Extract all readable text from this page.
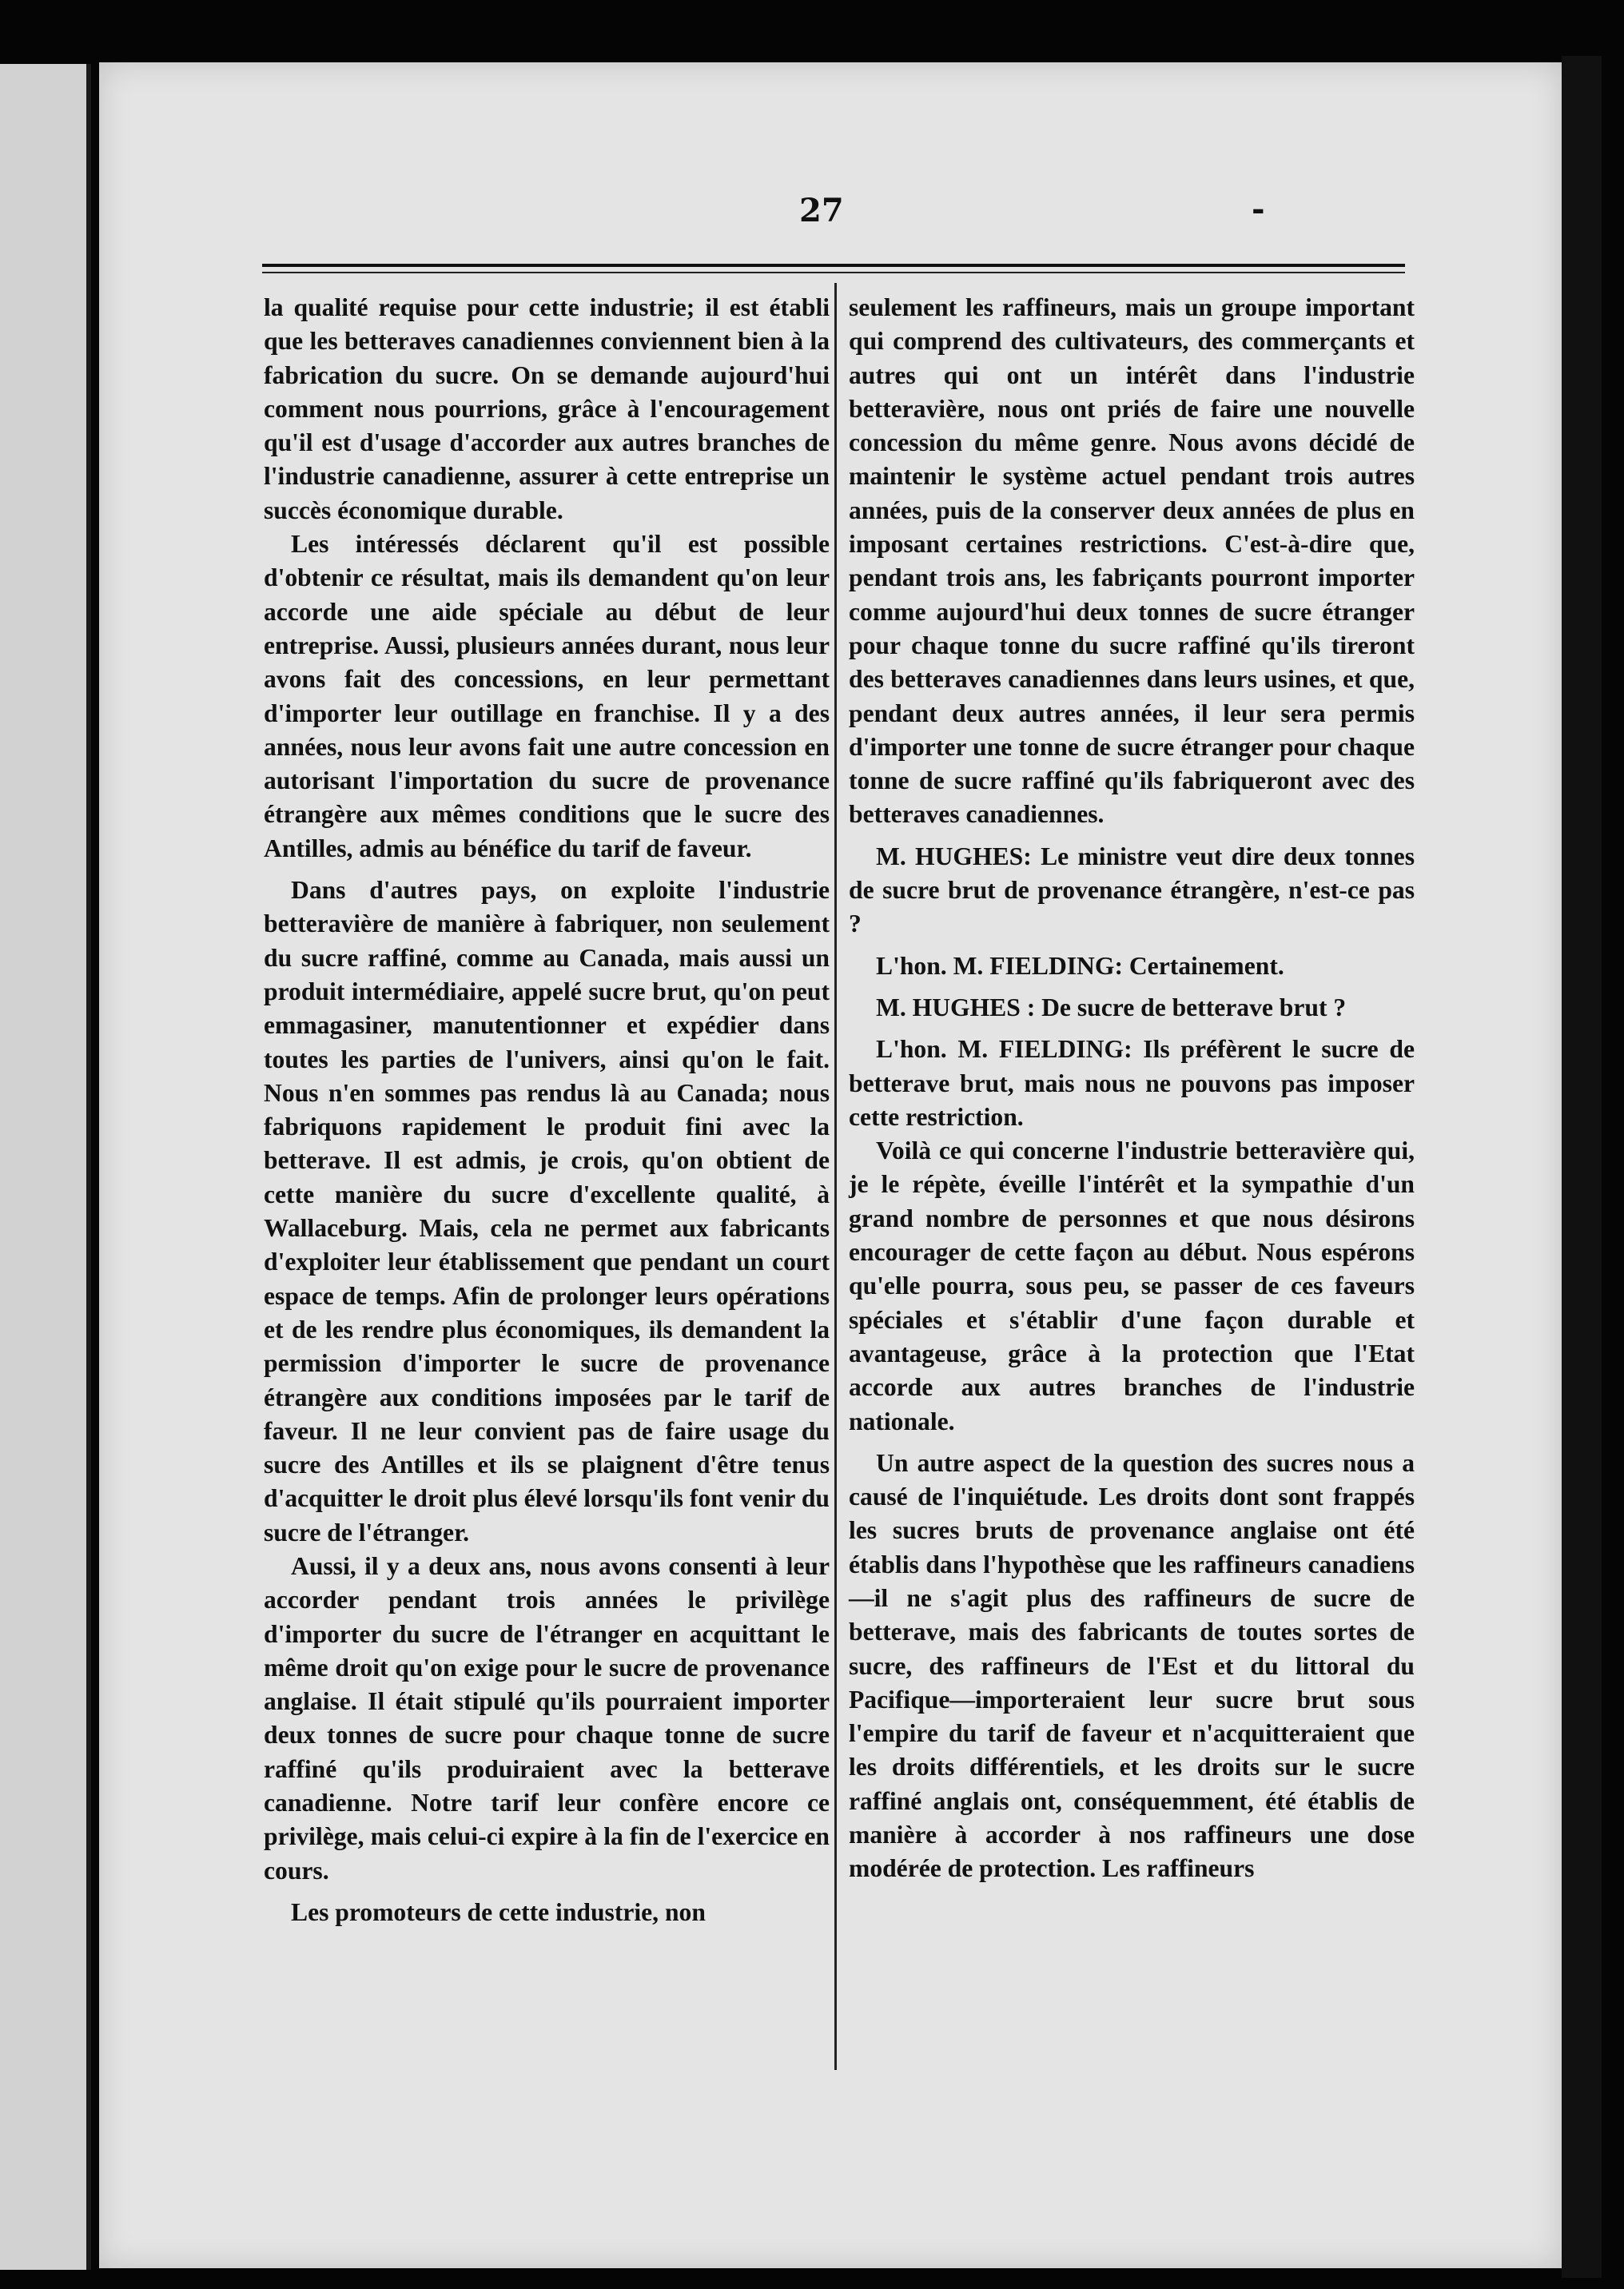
27	-

la qualité requise pour cette industrie; il est établi que les betteraves canadiennes conviennent bien à la fabrication du sucre. On se demande aujourd'hui comment nous pourrions, grâce à l'encouragement qu'il est d'usage d'accorder aux autres branches de l'industrie canadienne, assurer à cette entreprise un succès économique durable.

Les intéressés déclarent qu'il est possible d'obtenir ce résultat, mais ils demandent qu'on leur accorde une aide spéciale au début de leur entreprise. Aussi, plusieurs années durant, nous leur avons fait des concessions, en leur permettant d'importer leur outillage en franchise. Il y a des années, nous leur avons fait une autre concession en autorisant l'importation du sucre de provenance étrangère aux mêmes conditions que le sucre des Antilles, admis au bénéfice du tarif de faveur.

Dans d'autres pays, on exploite l'industrie betteravière de manière à fabriquer, non seulement du sucre raffiné, comme au Canada, mais aussi un produit intermédiaire, appelé sucre brut, qu'on peut emmagasiner, manutentionner et expédier dans toutes les parties de l'univers, ainsi qu'on le fait. Nous n'en sommes pas rendus là au Canada; nous fabriquons rapidement le produit fini avec la betterave. Il est admis, je crois, qu'on obtient de cette manière du sucre d'excellente qualité, à Wallaceburg. Mais, cela ne permet aux fabricants d'exploiter leur établissement que pendant un court espace de temps. Afin de prolonger leurs opérations et de les rendre plus économiques, ils demandent la permission d'importer le sucre de provenance étrangère aux conditions imposées par le tarif de faveur. Il ne leur convient pas de faire usage du sucre des Antilles et ils se plaignent d'être tenus d'acquitter le droit plus élevé lorsqu'ils font venir du sucre de l'étranger.

Aussi, il y a deux ans, nous avons consenti à leur accorder pendant trois années le privilège d'importer du sucre de l'étranger en acquittant le même droit qu'on exige pour le sucre de provenance anglaise. Il était stipulé qu'ils pourraient importer deux tonnes de sucre pour chaque tonne de sucre raffiné qu'ils produiraient avec la betterave canadienne. Notre tarif leur confère encore ce privilège, mais celui-ci expire à la fin de l'exercice en cours.

Les promoteurs de cette industrie, non

seulement les raffineurs, mais un groupe important qui comprend des cultivateurs, des commerçants et autres qui ont un intérêt dans l'industrie betteravière, nous ont priés de faire une nouvelle concession du même genre. Nous avons décidé de maintenir le système actuel pendant trois autres années, puis de la conserver deux années de plus en imposant certaines restrictions. C'est-à-dire que, pendant trois ans, les fabriçants pourront importer comme aujourd'hui deux tonnes de sucre étranger pour chaque tonne du sucre raffiné qu'ils tireront des betteraves canadiennes dans leurs usines, et que, pendant deux autres années, il leur sera permis d'importer une tonne de sucre étranger pour chaque tonne de sucre raffiné qu'ils fabriqueront avec des betteraves canadiennes.

M. HUGHES: Le ministre veut dire deux tonnes de sucre brut de provenance étrangère, n'est-ce pas ?

L'hon. M. FIELDING: Certainement.

M. HUGHES : De sucre de betterave brut ?

L'hon. M. FIELDING: Ils préfèrent le sucre de betterave brut, mais nous ne pouvons pas imposer cette restriction.

Voilà ce qui concerne l'industrie betteravière qui, je le répète, éveille l'intérêt et la sympathie d'un grand nombre de personnes et que nous désirons encourager de cette façon au début. Nous espérons qu'elle pourra, sous peu, se passer de ces faveurs spéciales et s'établir d'une façon durable et avantageuse, grâce à la protection que l'Etat accorde aux autres branches de l'industrie nationale.

Un autre aspect de la question des sucres nous a causé de l'inquiétude. Les droits dont sont frappés les sucres bruts de provenance anglaise ont été établis dans l'hypothèse que les raffineurs canadiens—il ne s'agit plus des raffineurs de sucre de betterave, mais des fabricants de toutes sortes de sucre, des raffineurs de l'Est et du littoral du Pacifique—importeraient leur sucre brut sous l'empire du tarif de faveur et n'acquitteraient que les droits différentiels, et les droits sur le sucre raffiné anglais ont, conséquemment, été établis de manière à accorder à nos raffineurs une dose modérée de protection. Les raffineurs
